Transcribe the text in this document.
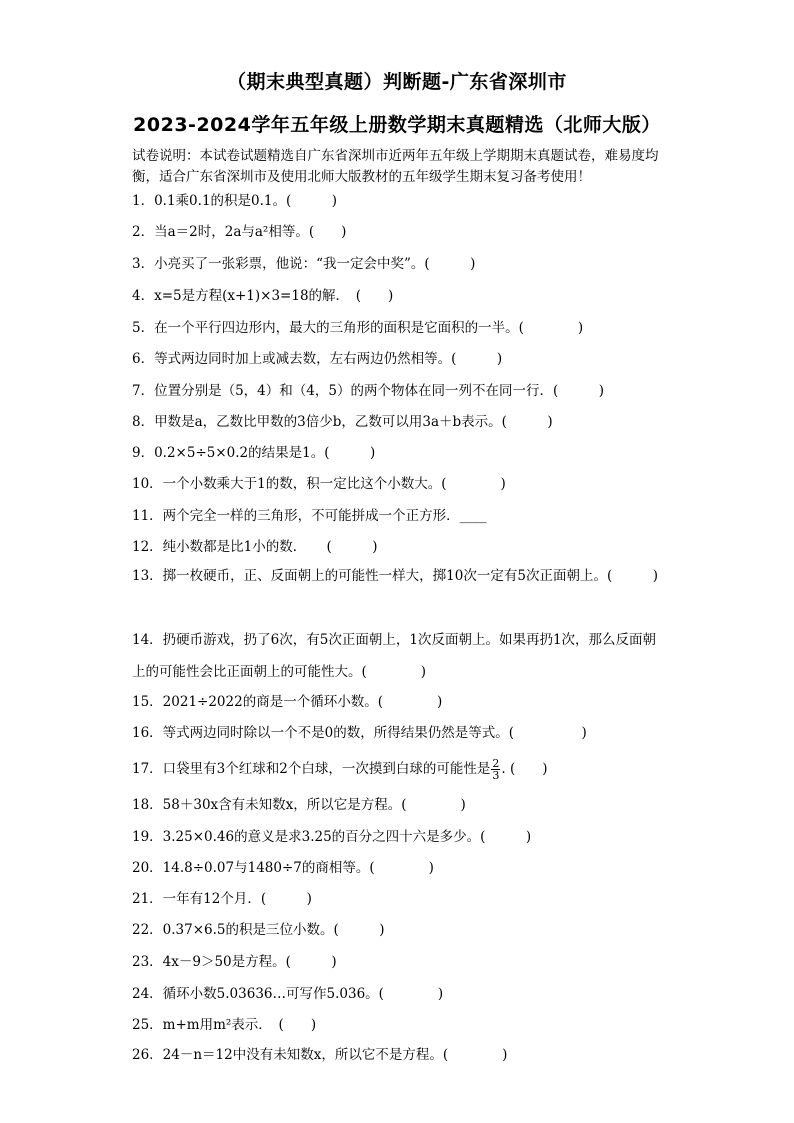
（期末典型真题）判断题-广东省深圳市
2023-2024学年五年级上册数学期末真题精选（北师大版）
试卷说明：本试卷试题精选自广东省深圳市近两年五年级上学期期末真题试卷，难易度均衡，适合广东省深圳市及使用北师大版教材的五年级学生期末复习备考使用！
1．0.1乘0.1的积是0.1。(　　　)
2．当a＝2时，2a与a²相等。(　　)
3．小亮买了一张彩票，他说：“我一定会中奖”。(　　　)
4．x=5是方程(x+1)×3=18的解．　(　　)
5．在一个平行四边形内，最大的三角形的面积是它面积的一半。(　　　　)
6．等式两边同时加上或减去数，左右两边仍然相等。(　　　)
7．位置分别是（5，4）和（4，5）的两个物体在同一列不在同一行．(　　　)
8．甲数是a，乙数比甲数的3倍少b，乙数可以用3a＋b表示。(　　　)
9．0.2×5÷5×0.2的结果是1。(　　　)
10．一个小数乘大于1的数，积一定比这个小数大。(　　　　)
11．两个完全一样的三角形，不可能拼成一个正方形．____
12．纯小数都是比1小的数．　　(　　　)
13．掷一枚硬币，正、反面朝上的可能性一样大，掷10次一定有5次正面朝上。(　　　)
14．扔硬币游戏，扔了6次，有5次正面朝上，1次反面朝上。如果再扔1次，那么反面朝上的可能性会比正面朝上的可能性大。(　　　　)
15．2021÷2022的商是一个循环小数。(　　　　)
16．等式两边同时除以一个不是0的数，所得结果仍然是等式。(　　　　　)
17．口袋里有3个红球和2个白球，一次摸到白球的可能性是 $\frac{2}{3}$ . (　　)
18．58＋30x含有未知数x，所以它是方程。(　　　　)
19．3.25×0.46的意义是求3.25的百分之四十六是多少。(　　　)
20．14.8÷0.07与1480÷7的商相等。(　　　　)
21．一年有12个月．(　　　)
22．0.37×6.5的积是三位小数。(　　　)
23．4x－9＞50是方程。(　　　)
24．循环小数5.03636…可写作5.036。(　　　　)
25．m+m用m²表示．　(　　)
26．24－n＝12中没有未知数x，所以它不是方程。(　　　　)
